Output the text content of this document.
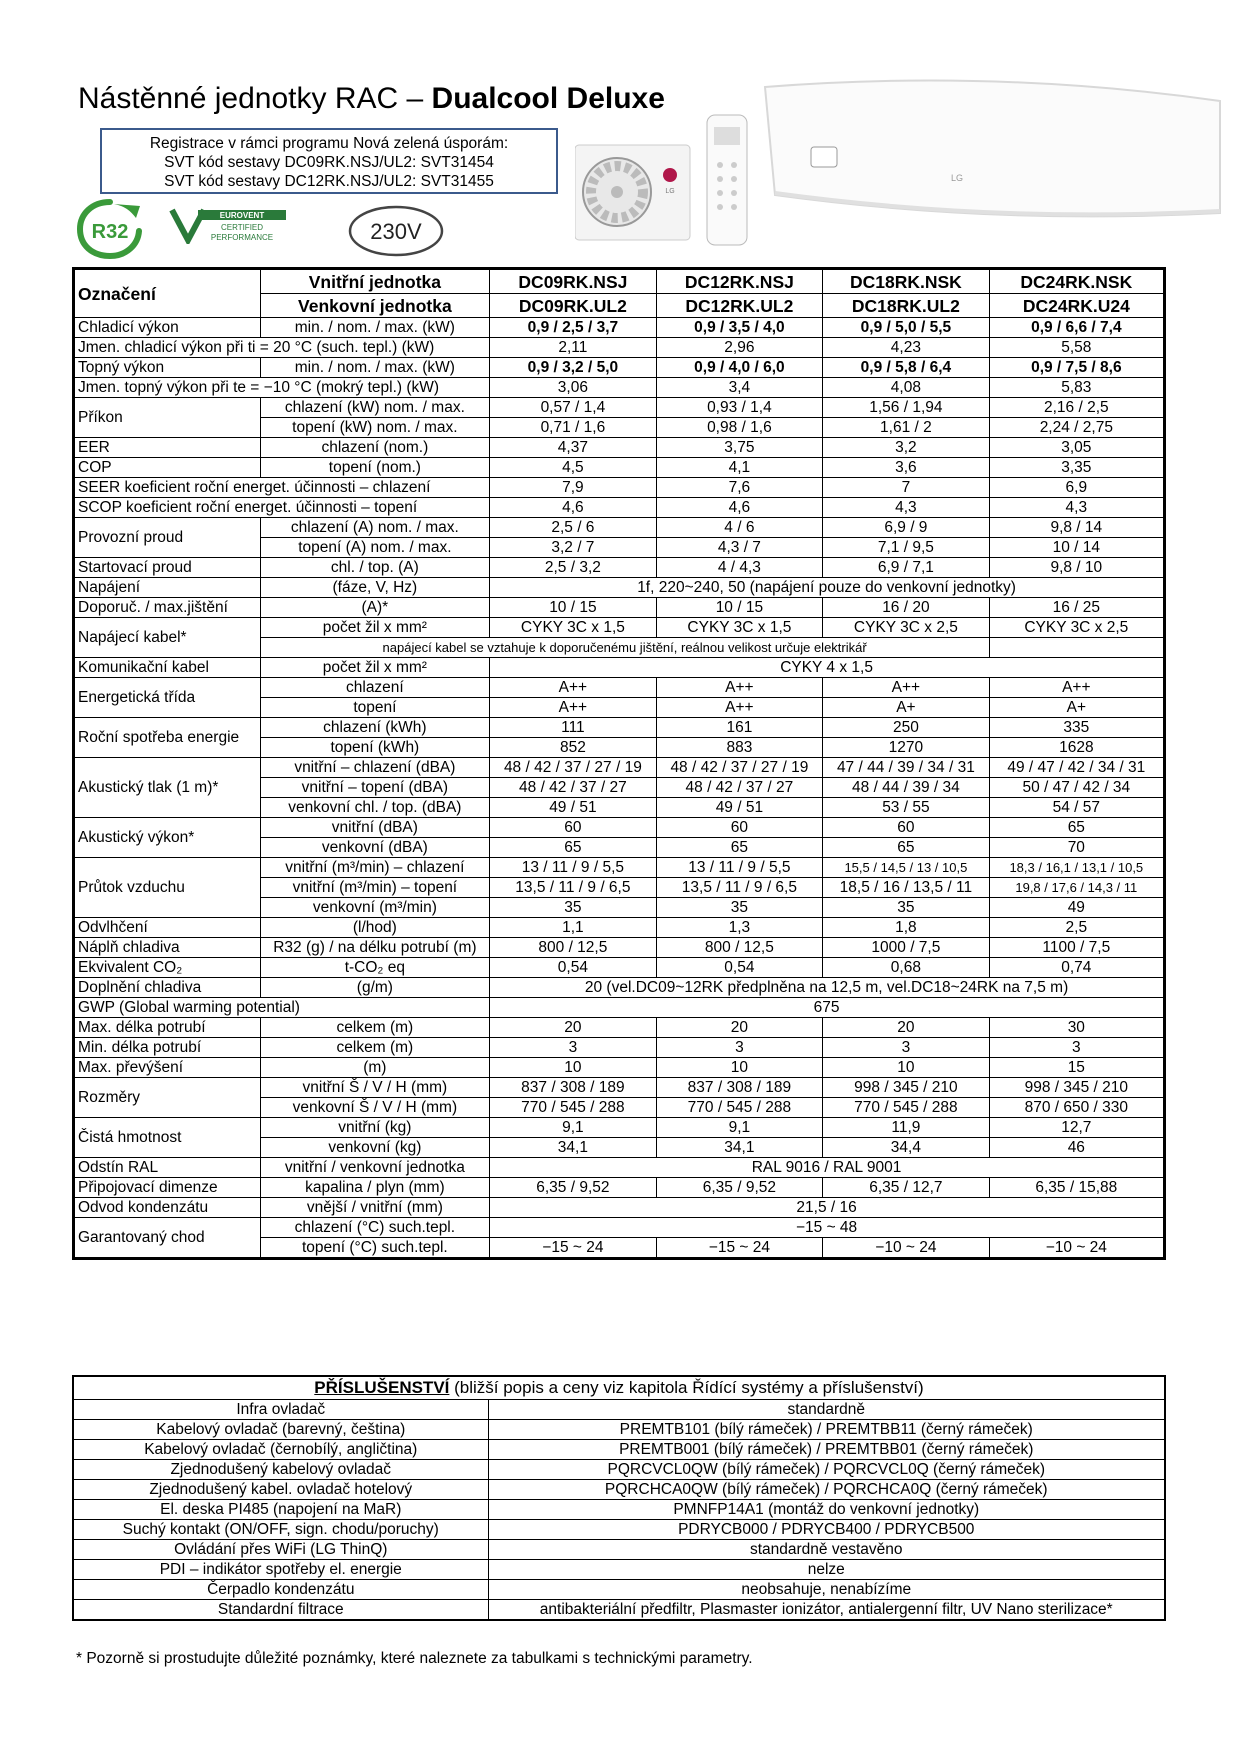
Nástěnné jednotky RAC – Dualcool Deluxe
Registrace v rámci programu Nová zelená úsporám:
SVT kód sestavy DC09RK.NSJ/UL2: SVT31454
SVT kód sestavy DC12RK.NSJ/UL2: SVT31455
R32
EUROVENT
CERTIFIED
PERFORMANCE	230V
LG
LG
Označení	Vnitřní jednotka	DC09RK.NSJ	DC12RK.NSJ	DC18RK.NSK	DC24RK.NSK
	Venkovní jednotka	DC09RK.UL2	DC12RK.UL2	DC18RK.UL2	DC24RK.U24
Chladicí výkon	min. / nom. / max. (kW)	0,9 / 2,5 / 3,7	0,9 / 3,5 / 4,0	0,9 / 5,0 / 5,5	0,9 / 6,6 / 7,4
Jmen. chladicí výkon při ti = 20 °C (such. tepl.) (kW)		2,11	2,96	4,23	5,58
Topný výkon	min. / nom. / max. (kW)	0,9 / 3,2 / 5,0	0,9 / 4,0 / 6,0	0,9 / 5,8 / 6,4	0,9 / 7,5 / 8,6
Jmen. topný výkon při te = −10 °C (mokrý tepl.) (kW)		3,06	3,4	4,08	5,83
Příkon	chlazení (kW) nom. / max.	0,57 / 1,4	0,93 / 1,4	1,56 / 1,94	2,16 / 2,5
	topení (kW) nom. / max.	0,71 / 1,6	0,98 / 1,6	1,61 / 2	2,24 / 2,75
EER	chlazení (nom.)	4,37	3,75	3,2	3,05
COP	topení (nom.)	4,5	4,1	3,6	3,35
SEER koeficient roční energet. účinnosti – chlazení		7,9	7,6	7	6,9
SCOP koeficient roční energet. účinnosti – topení		4,6	4,6	4,3	4,3
Provozní proud	chlazení (A) nom. / max.	2,5 / 6	4 / 6	6,9 / 9	9,8 / 14
	topení (A) nom. / max.	3,2 / 7	4,3 / 7	7,1 / 9,5	10 / 14
Startovací proud	chl. / top. (A)	2,5 / 3,2	4 / 4,3	6,9 / 7,1	9,8 / 10
Napájení	(fáze, V, Hz)	1f, 220~240, 50 (napájení pouze do venkovní jednotky)			
Doporuč. / max.jištění	(A)*	10 / 15	10 / 15	16 / 20	16 / 25
Napájecí kabel*	počet žil x mm²	CYKY 3C x 1,5	CYKY 3C x 1,5	CYKY 3C x 2,5	CYKY 3C x 2,5
	napájecí kabel se vztahuje k doporučenému jištění, reálnou velikost určuje elektrikář				
Komunikační kabel	počet žil x mm²	CYKY 4 x 1,5			
Energetická třída	chlazení	A++	A++	A++	A++
	topení	A++	A++	A+	A+
Roční spotřeba energie	chlazení (kWh)	111	161	250	335
	topení (kWh)	852	883	1270	1628
Akustický tlak (1 m)*	vnitřní – chlazení (dBA)	48 / 42 / 37 / 27 / 19	48 / 42 / 37 / 27 / 19	47 / 44 / 39 / 34 / 31	49 / 47 / 42 / 34 / 31
	vnitřní – topení (dBA)	48 / 42 / 37 / 27	48 / 42 / 37 / 27	48 / 44 / 39 / 34	50 / 47 / 42 / 34
	venkovní chl. / top. (dBA)	49 / 51	49 / 51	53 / 55	54 / 57
Akustický výkon*	vnitřní (dBA)	60	60	60	65
	venkovní (dBA)	65	65	65	70
Průtok vzduchu	vnitřní (m³/min) – chlazení	13 / 11 / 9 / 5,5	13 / 11 / 9 / 5,5	15,5 / 14,5 / 13 / 10,5	18,3 / 16,1 / 13,1 / 10,5
	vnitřní (m³/min) – topení	13,5 / 11 / 9 / 6,5	13,5 / 11 / 9 / 6,5	18,5 / 16 / 13,5 / 11	19,8 / 17,6 / 14,3 / 11
	venkovní (m³/min)	35	35	35	49
Odvlhčení	(l/hod)	1,1	1,3	1,8	2,5
Náplň chladiva	R32 (g) / na délku potrubí (m)	800 / 12,5	800 / 12,5	1000 / 7,5	1100 / 7,5
Ekvivalent CO₂	t-CO₂ eq	0,54	0,54	0,68	0,74
Doplnění chladiva	(g/m)	20 (vel.DC09~12RK předplněna na 12,5 m, vel.DC18~24RK na 7,5 m)			
GWP (Global warming potential)		675			
Max. délka potrubí	celkem (m)	20	20	20	30
Min. délka potrubí	celkem (m)	3	3	3	3
Max. převýšení	(m)	10	10	10	15
Rozměry	vnitřní Š / V / H (mm)	837 / 308 / 189	837 / 308 / 189	998 / 345 / 210	998 / 345 / 210
	venkovní Š / V / H (mm)	770 / 545 / 288	770 / 545 / 288	770 / 545 / 288	870 / 650 / 330
Čistá hmotnost	vnitřní (kg)	9,1	9,1	11,9	12,7
	venkovní (kg)	34,1	34,1	34,4	46
Odstín RAL	vnitřní / venkovní jednotka	RAL 9016 / RAL 9001			
Připojovací dimenze	kapalina / plyn (mm)	6,35 / 9,52	6,35 / 9,52	6,35 / 12,7	6,35 / 15,88
Odvod kondenzátu	vnější / vnitřní (mm)	21,5 / 16			
Garantovaný chod	chlazení (°C) such.tepl.	−15 ~ 48			
	topení (°C) such.tepl.	−15 ~ 24	−15 ~ 24	−10 ~ 24	−10 ~ 24
PŘÍSLUŠENSTVÍ (bližší popis a ceny viz kapitola Řídící systémy a příslušenství)	
Infra ovladač	standardně
Kabelový ovladač (barevný, čeština)	PREMTB101 (bílý rámeček) / PREMTBB11 (černý rámeček)
Kabelový ovladač (černobílý, angličtina)	PREMTB001 (bílý rámeček) / PREMTBB01 (černý rámeček)
Zjednodušený kabelový ovladač	PQRCVCL0QW (bílý rámeček) / PQRCVCL0Q (černý rámeček)
Zjednodušený kabel. ovladač hotelový	PQRCHCA0QW (bílý rámeček) / PQRCHCA0Q (černý rámeček)
El. deska PI485 (napojení na MaR)	PMNFP14A1 (montáž do venkovní jednotky)
Suchý kontakt (ON/OFF, sign. chodu/poruchy)	PDRYCB000 / PDRYCB400 / PDRYCB500
Ovládání přes WiFi (LG ThinQ)	standardně vestavěno
PDI – indikátor spotřeby el. energie	nelze
Čerpadlo kondenzátu	neobsahuje, nenabízíme
Standardní filtrace	antibakteriální předfiltr, Plasmaster ionizátor, antialergenní filtr, UV Nano sterilizace*
* Pozorně si prostudujte důležité poznámky, které naleznete za tabulkami s technickými parametry.
